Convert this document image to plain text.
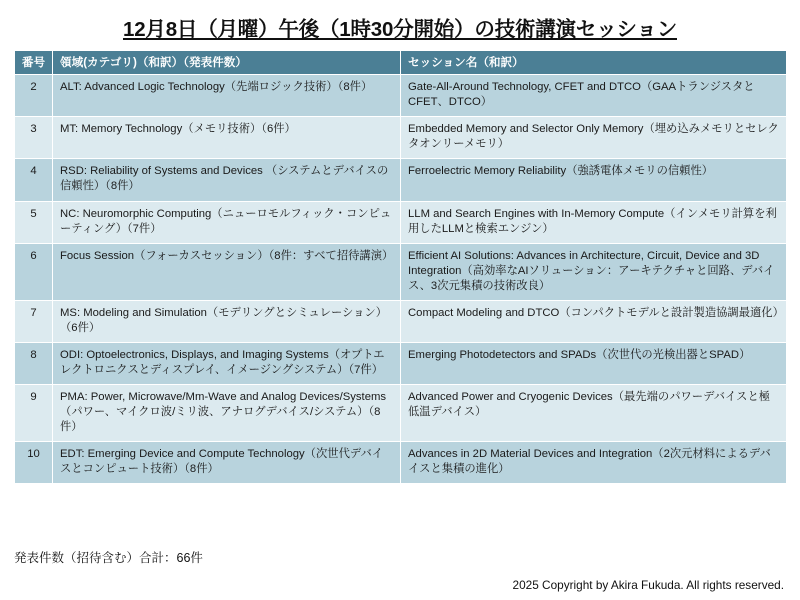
12月8日（月曜）午後（1時30分開始）の技術講演セッション
番号	領域(カテゴリ)（和訳）（発表件数）	セッション名（和訳）
2	ALT: Advanced Logic Technology（先端ロジック技術）（8件）	Gate-All-Around Technology, CFET and DTCO（GAAトランジスタとCFET、DTCO）
3	MT: Memory Technology（メモリ技術）（6件）	Embedded Memory and Selector Only Memory（埋め込みメモリとセレクタオンリーメモリ）
4	RSD: Reliability of Systems and Devices （システムとデバイスの信頼性）（8件）	Ferroelectric Memory Reliability（強誘電体メモリの信頼性）
5	NC: Neuromorphic Computing（ニューロモルフィック・コンピューティング）（7件）	LLM and Search Engines with In-Memory Compute（インメモリ計算を利用したLLMと検索エンジン）
6	Focus Session（フォーカスセッション）（8件：すべて招待講演）	Efficient AI Solutions: Advances in Architecture, Circuit, Device and 3D Integration（高効率なAIソリューション：アーキテクチャと回路、デバイス、3次元集積の技術改良）
7	MS: Modeling and Simulation（モデリングとシミュレーション）（6件）	Compact Modeling and DTCO（コンパクトモデルと設計製造協調最適化）
8	ODI: Optoelectronics, Displays, and Imaging Systems（オプトエレクトロニクスとディスプレイ、イメージングシステム）（7件）	Emerging Photodetectors and SPADs（次世代の光検出器とSPAD）
9	PMA: Power, Microwave/Mm-Wave and Analog Devices/Systems（パワー、マイクロ波/ミリ波、アナログデバイス/システム）（8件）	Advanced Power and Cryogenic Devices（最先端のパワーデバイスと極低温デバイス）
10	EDT: Emerging Device and Compute Technology（次世代デバイスとコンピュート技術）（8件）	Advances in 2D Material Devices and Integration（2次元材料によるデバイスと集積の進化）
発表件数（招待含む）合計：66件
2025 Copyright by Akira Fukuda. All rights reserved.
